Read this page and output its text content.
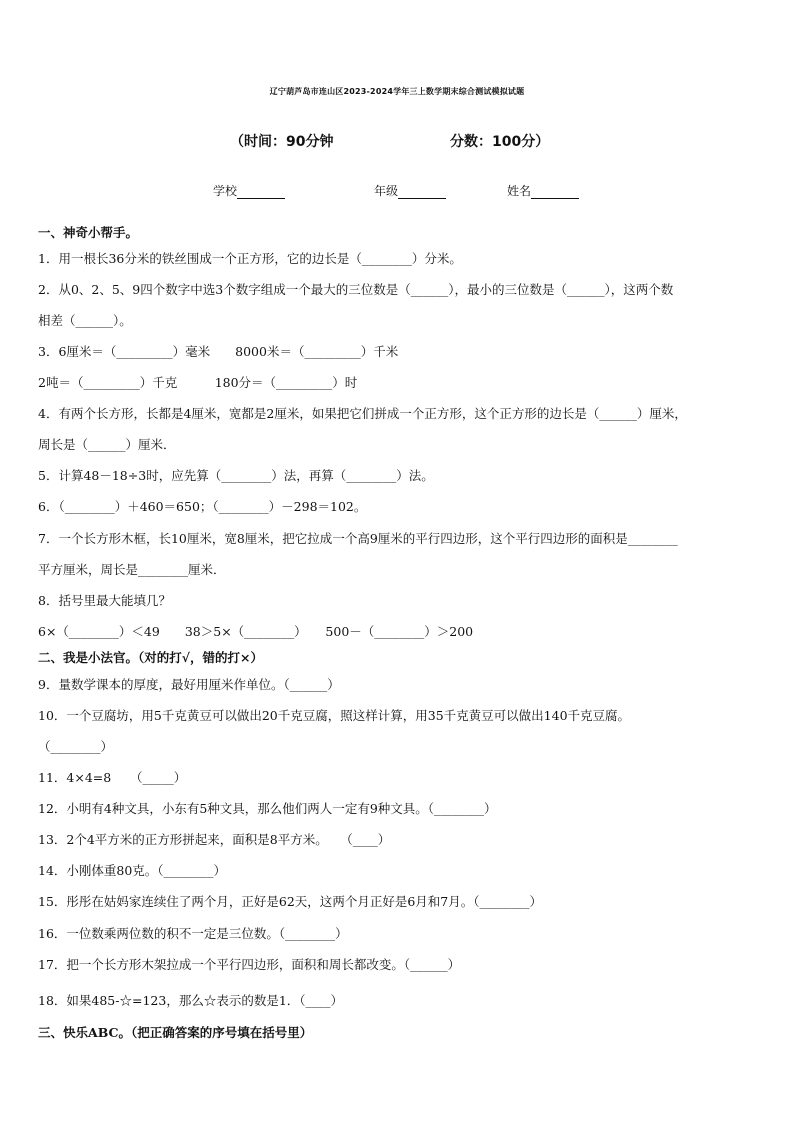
辽宁葫芦岛市连山区2023-2024学年三上数学期末综合测试模拟试题
（时间：90分钟	分数：100分）
学校	年级	姓名
一、神奇小帮手。
1．用一根长36分米的铁丝围成一个正方形，它的边长是（________）分米。
2．从0、2、5、9四个数字中选3个数字组成一个最大的三位数是（______），最小的三位数是（______），这两个数
相差（______）。
3．6厘米＝（_________）毫米　　8000米＝（_________）千米
2吨＝（_________）千克　　　180分＝（_________）时
4．有两个长方形，长都是4厘米，宽都是2厘米，如果把它们拼成一个正方形，这个正方形的边长是（______）厘米，
周长是（______）厘米．
5．计算48－18÷3时，应先算（________）法，再算（________）法。
6．（________）＋460＝650；（________）－298＝102。
7．一个长方形木框，长10厘米，宽8厘米，把它拉成一个高9厘米的平行四边形，这个平行四边形的面积是________
平方厘米，周长是________厘米．
8．括号里最大能填几？
6×（________）＜49　　38＞5×（________）　　500－（________）＞200
二、我是小法官。（对的打√，错的打×）
9．量数学课本的厚度，最好用厘米作单位。（______）
10．一个豆腐坊，用5千克黄豆可以做出20千克豆腐，照这样计算，用35千克黄豆可以做出140千克豆腐。
（________）
11．4×4=8　　（_____）
12．小明有4种文具，小东有5种文具，那么他们两人一定有9种文具。（________）
13．2个4平方米的正方形拼起来，面积是8平方米。　　（____）
14．小刚体重80克。（________）
15．彤彤在姑妈家连续住了两个月，正好是62天，这两个月正好是6月和7月。（________）
16．一位数乘两位数的积不一定是三位数。（________）
17．把一个长方形木架拉成一个平行四边形，面积和周长都改变。（______）
18．如果485-☆=123，那么☆表示的数是1．（____）
三、快乐ABC。（把正确答案的序号填在括号里）
